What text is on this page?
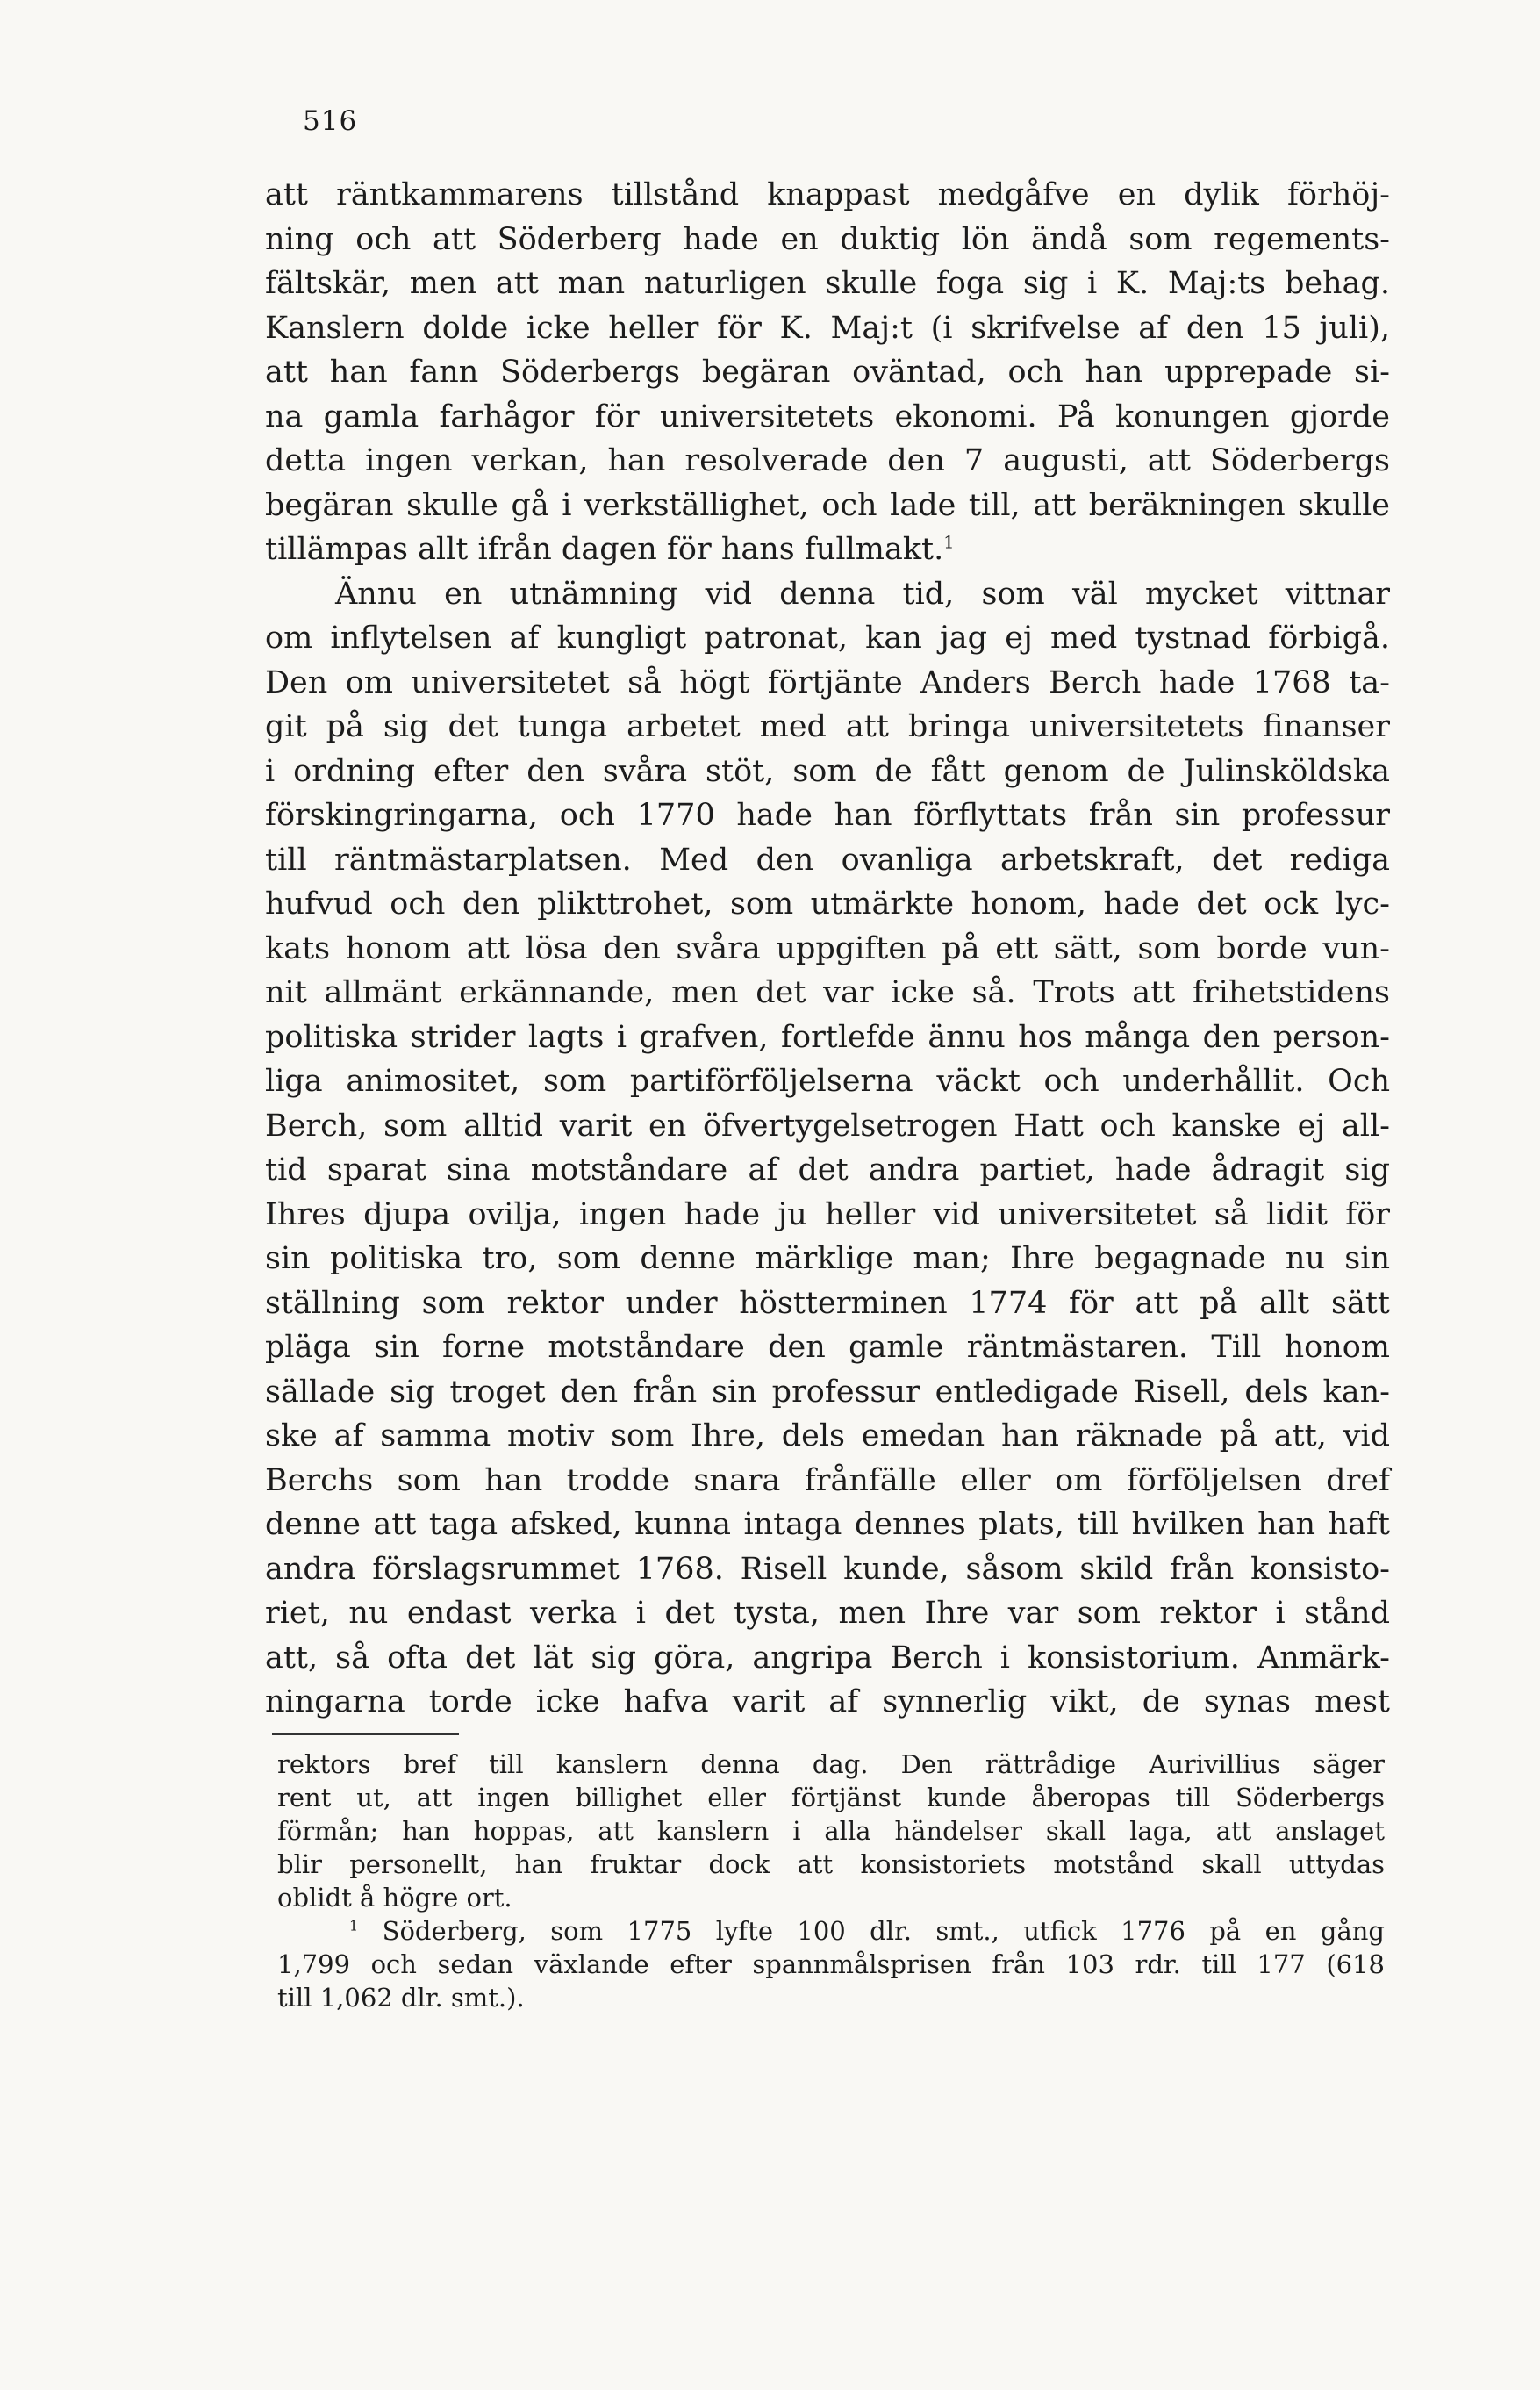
516
att räntkammarens tillstånd knappast medgåfve en dylik förhöj-
ning och att Söderberg hade en duktig lön ändå som regements-
fältskär, men att man naturligen skulle foga sig i K. Maj:ts behag.
Kanslern dolde icke heller för K. Maj:t (i skrifvelse af den 15 juli),
att han fann Söderbergs begäran oväntad, och han upprepade si-
na gamla farhågor för universitetets ekonomi. På konungen gjorde
detta ingen verkan, han resolverade den 7 augusti, att Söderbergs
begäran skulle gå i verkställighet, och lade till, att beräkningen skulle
tillämpas allt ifrån dagen för hans fullmakt.$^1$
Ännu en utnämning vid denna tid, som väl mycket vittnar
om inflytelsen af kungligt patronat, kan jag ej med tystnad förbigå.
Den om universitetet så högt förtjänte Anders Berch hade 1768 ta-
git på sig det tunga arbetet med att bringa universitetets finanser
i ordning efter den svåra stöt, som de fått genom de Julinsköldska
förskingringarna, och 1770 hade han förflyttats från sin professur
till räntmästarplatsen. Med den ovanliga arbetskraft, det rediga
hufvud och den plikttrohet, som utmärkte honom, hade det ock lyc-
kats honom att lösa den svåra uppgiften på ett sätt, som borde vun-
nit allmänt erkännande, men det var icke så. Trots att frihetstidens
politiska strider lagts i grafven, fortlefde ännu hos många den person-
liga animositet, som partiförföljelserna väckt och underhållit. Och
Berch, som alltid varit en öfvertygelsetrogen Hatt och kanske ej all-
tid sparat sina motståndare af det andra partiet, hade ådragit sig
Ihres djupa ovilja, ingen hade ju heller vid universitetet så lidit för
sin politiska tro, som denne märklige man; Ihre begagnade nu sin
ställning som rektor under höstterminen 1774 för att på allt sätt
pläga sin forne motståndare den gamle räntmästaren. Till honom
sällade sig troget den från sin professur entledigade Risell, dels kan-
ske af samma motiv som Ihre, dels emedan han räknade på att, vid
Berchs som han trodde snara frånfälle eller om förföljelsen dref
denne att taga afsked, kunna intaga dennes plats, till hvilken han haft
andra förslagsrummet 1768. Risell kunde, såsom skild från konsisto-
riet, nu endast verka i det tysta, men Ihre var som rektor i stånd
att, så ofta det lät sig göra, angripa Berch i konsistorium. Anmärk-
ningarna torde icke hafva varit af synnerlig vikt, de synas mest
rektors bref till kanslern denna dag. Den rättrådige Aurivillius säger
rent ut, att ingen billighet eller förtjänst kunde åberopas till Söderbergs
förmån; han hoppas, att kanslern i alla händelser skall laga, att anslaget
blir personellt, han fruktar dock att konsistoriets motstånd skall uttydas
oblidt å högre ort.
$^1$ Söderberg, som 1775 lyfte 100 dlr. smt., utfick 1776 på en gång
1,799 och sedan växlande efter spannmålsprisen från 103 rdr. till 177 (618
till 1,062 dlr. smt.).
